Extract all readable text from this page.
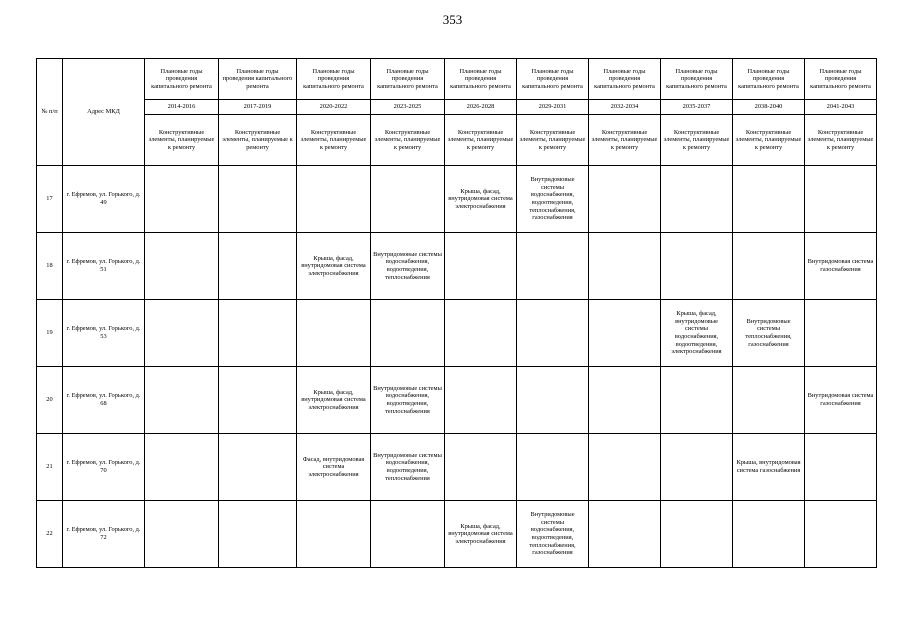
353
№ п/п	Адрес МКД	Плановые годы проведения капитального ремонта	Плановые годы проведения капитального ремонта	Плановые годы проведения капитального ремонта	Плановые годы проведения капитального ремонта	Плановые годы проведения капитального ремонта	Плановые годы проведения капитального ремонта	Плановые годы проведения капитального ремонта	Плановые годы проведения капитального ремонта	Плановые годы проведения капитального ремонта	Плановые годы проведения капитального ремонта
		2014-2016	2017-2019	2020-2022	2023-2025	2026-2028	2029-2031	2032-2034	2035-2037	2038-2040	2041-2043
		Конструктивные элементы, планируемые к ремонту	Конструктивные элементы, планируемые к ремонту	Конструктивные элементы, планируемые к ремонту	Конструктивные элементы, планируемые к ремонту	Конструктивные элементы, планируемые к ремонту	Конструктивные элементы, планируемые к ремонту	Конструктивные элементы, планируемые к ремонту	Конструктивные элементы, планируемые к ремонту	Конструктивные элементы, планируемые к ремонту	Конструктивные элементы, планируемые к ремонту
17	г. Ефремов, ул. Горького, д. 49					Крыша, фасад, внутридомовая система электроснабжения	Внутридомовые системы водоснабжения, водоотведения, теплоснабжения, газоснабжения				
18	г. Ефремов, ул. Горького, д. 51			Крыша, фасад, внутридомовая система электроснабжения	Внутридомовые системы водоснабжения, водоотведения, теплоснабжения						Внутридомовая система газоснабжения
19	г. Ефремов, ул. Горького, д. 53								Крыша, фасад, внутридомовые системы водоснабжения, водоотведения, электроснабжения	Внутридомовые системы теплоснабжения, газоснабжения	
20	г. Ефремов, ул. Горького, д. 68			Крыша, фасад, внутридомовая система электроснабжения	Внутридомовые системы водоснабжения, водоотведения, теплоснабжения						Внутридомовая система газоснабжения
21	г. Ефремов, ул. Горького, д. 70			Фасад, внутридомовая система электроснабжения	Внутридомовые системы водоснабжения, водоотведения, теплоснабжения					Крыша, внутридомовая система газоснабжения	
22	г. Ефремов, ул. Горького, д. 72					Крыша, фасад, внутридомовая система электроснабжения	Внутридомовые системы водоснабжения, водоотведения, теплоснабжения, газоснабжения				
